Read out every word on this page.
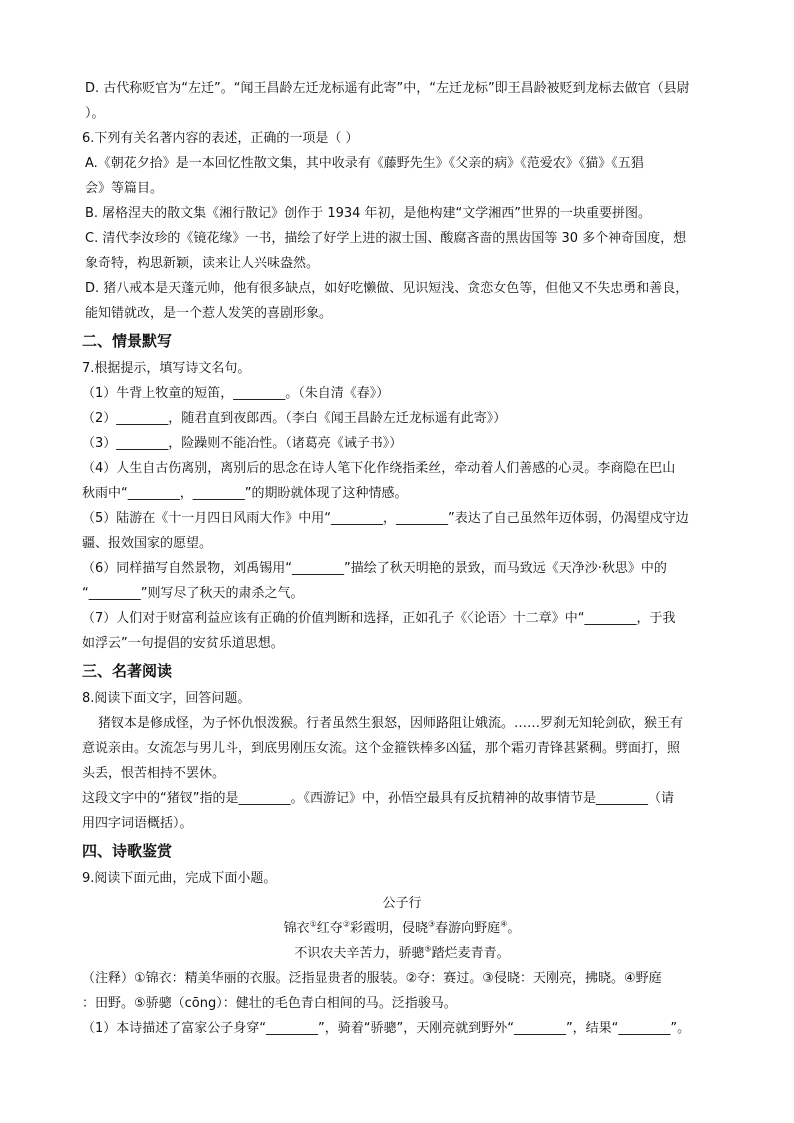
D. 古代称贬官为“左迁”。“闻王昌龄左迁龙标遥有此寄”中，“左迁龙标”即王昌龄被贬到龙标去做官（县尉
）。
6.下列有关名著内容的表述，正确的一项是（ ）
A.《朝花夕拾》是一本回忆性散文集，其中收录有《藤野先生》《父亲的病》《范爱农》《猫》《五猖
会》等篇目。
B. 屠格涅夫的散文集《湘行散记》创作于 1934 年初，是他构建“文学湘西”世界的一块重要拼图。
C. 清代李汝珍的《镜花缘》一书，描绘了好学上进的淑士国、酸腐吝啬的黑齿国等 30 多个神奇国度，想
象奇特，构思新颖，读来让人兴味盎然。
D. 猪八戒本是天蓬元帅，他有很多缺点，如好吃懒做、见识短浅、贪恋女色等，但他又不失忠勇和善良，
能知错就改，是一个惹人发笑的喜剧形象。
二、情景默写
7.根据提示，填写诗文名句。
（1）牛背上牧童的短笛，________。（朱自清《春》）
（2）________，随君直到夜郎西。（李白《闻王昌龄左迁龙标遥有此寄》）
（3）________，险躁则不能冶性。（诸葛亮《诫子书》）
（4）人生自古伤离别，离别后的思念在诗人笔下化作绕指柔丝，牵动着人们善感的心灵。李商隐在巴山
秋雨中“________，________”的期盼就体现了这种情感。
（5）陆游在《十一月四日风雨大作》中用“________，________”表达了自己虽然年迈体弱，仍渴望戍守边
疆、报效国家的愿望。
（6）同样描写自然景物，刘禹锡用“________”描绘了秋天明艳的景致，而马致远《天净沙·秋思》中的
“________”则写尽了秋天的肃杀之气。
（7）人们对于财富利益应该有正确的价值判断和选择，正如孔子《〈论语〉十二章》中“________，于我
如浮云”一句提倡的安贫乐道思想。
三、名著阅读
8.阅读下面文字，回答问题。
猪钗本是修成怪，为子怀仇恨泼猴。行者虽然生狠怒，因师路阻让娥流。……罗刹无知轮剑砍，猴王有
意说亲由。女流怎与男儿斗，到底男刚压女流。这个金箍铁棒多凶猛，那个霜刃青锋甚紧稠。劈面打，照
头丢，恨苦相持不罢休。
这段文字中的“猪钗”指的是________。《西游记》中，孙悟空最具有反抗精神的故事情节是________（请
用四字词语概括）。
四、诗歌鉴赏
9.阅读下面元曲，完成下面小题。
公子行
锦衣①红夺②彩霞明，侵晓③春游向野庭④。
不识农夫辛苦力，骄骢⑤踏烂麦青青。
（注释）①锦衣：精美华丽的衣服。泛指显贵者的服装。②夺：赛过。③侵晓：天刚亮，拂晓。④野庭
：田野。⑤骄骢（cōng）：健壮的毛色青白相间的马。泛指骏马。
（1）本诗描述了富家公子身穿“________”，骑着“骄骢”，天刚亮就到野外“________”，结果“________”。
